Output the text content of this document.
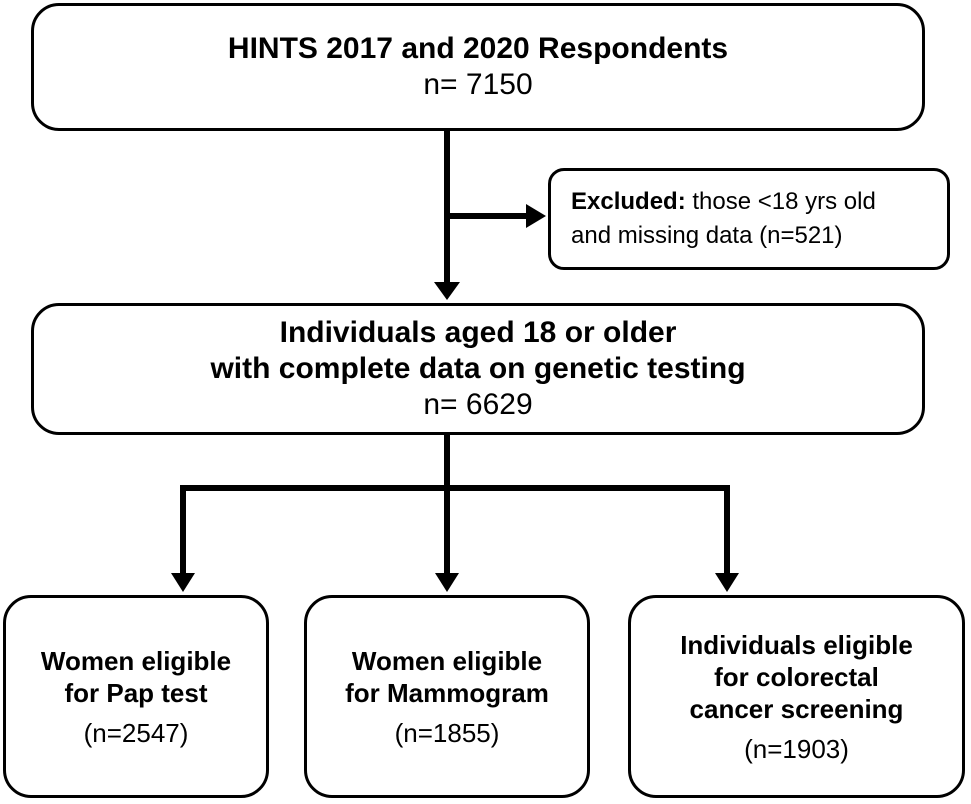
HINTS 2017 and 2020 Respondents
n= 7150
Excluded: those <18 yrs old
and missing data (n=521)
Individuals aged 18 or older
with complete data on genetic testing
n= 6629
Women eligible
for Pap test
(n=2547)
Women eligible
for Mammogram
(n=1855)
Individuals eligible
for colorectal
cancer screening
(n=1903)
